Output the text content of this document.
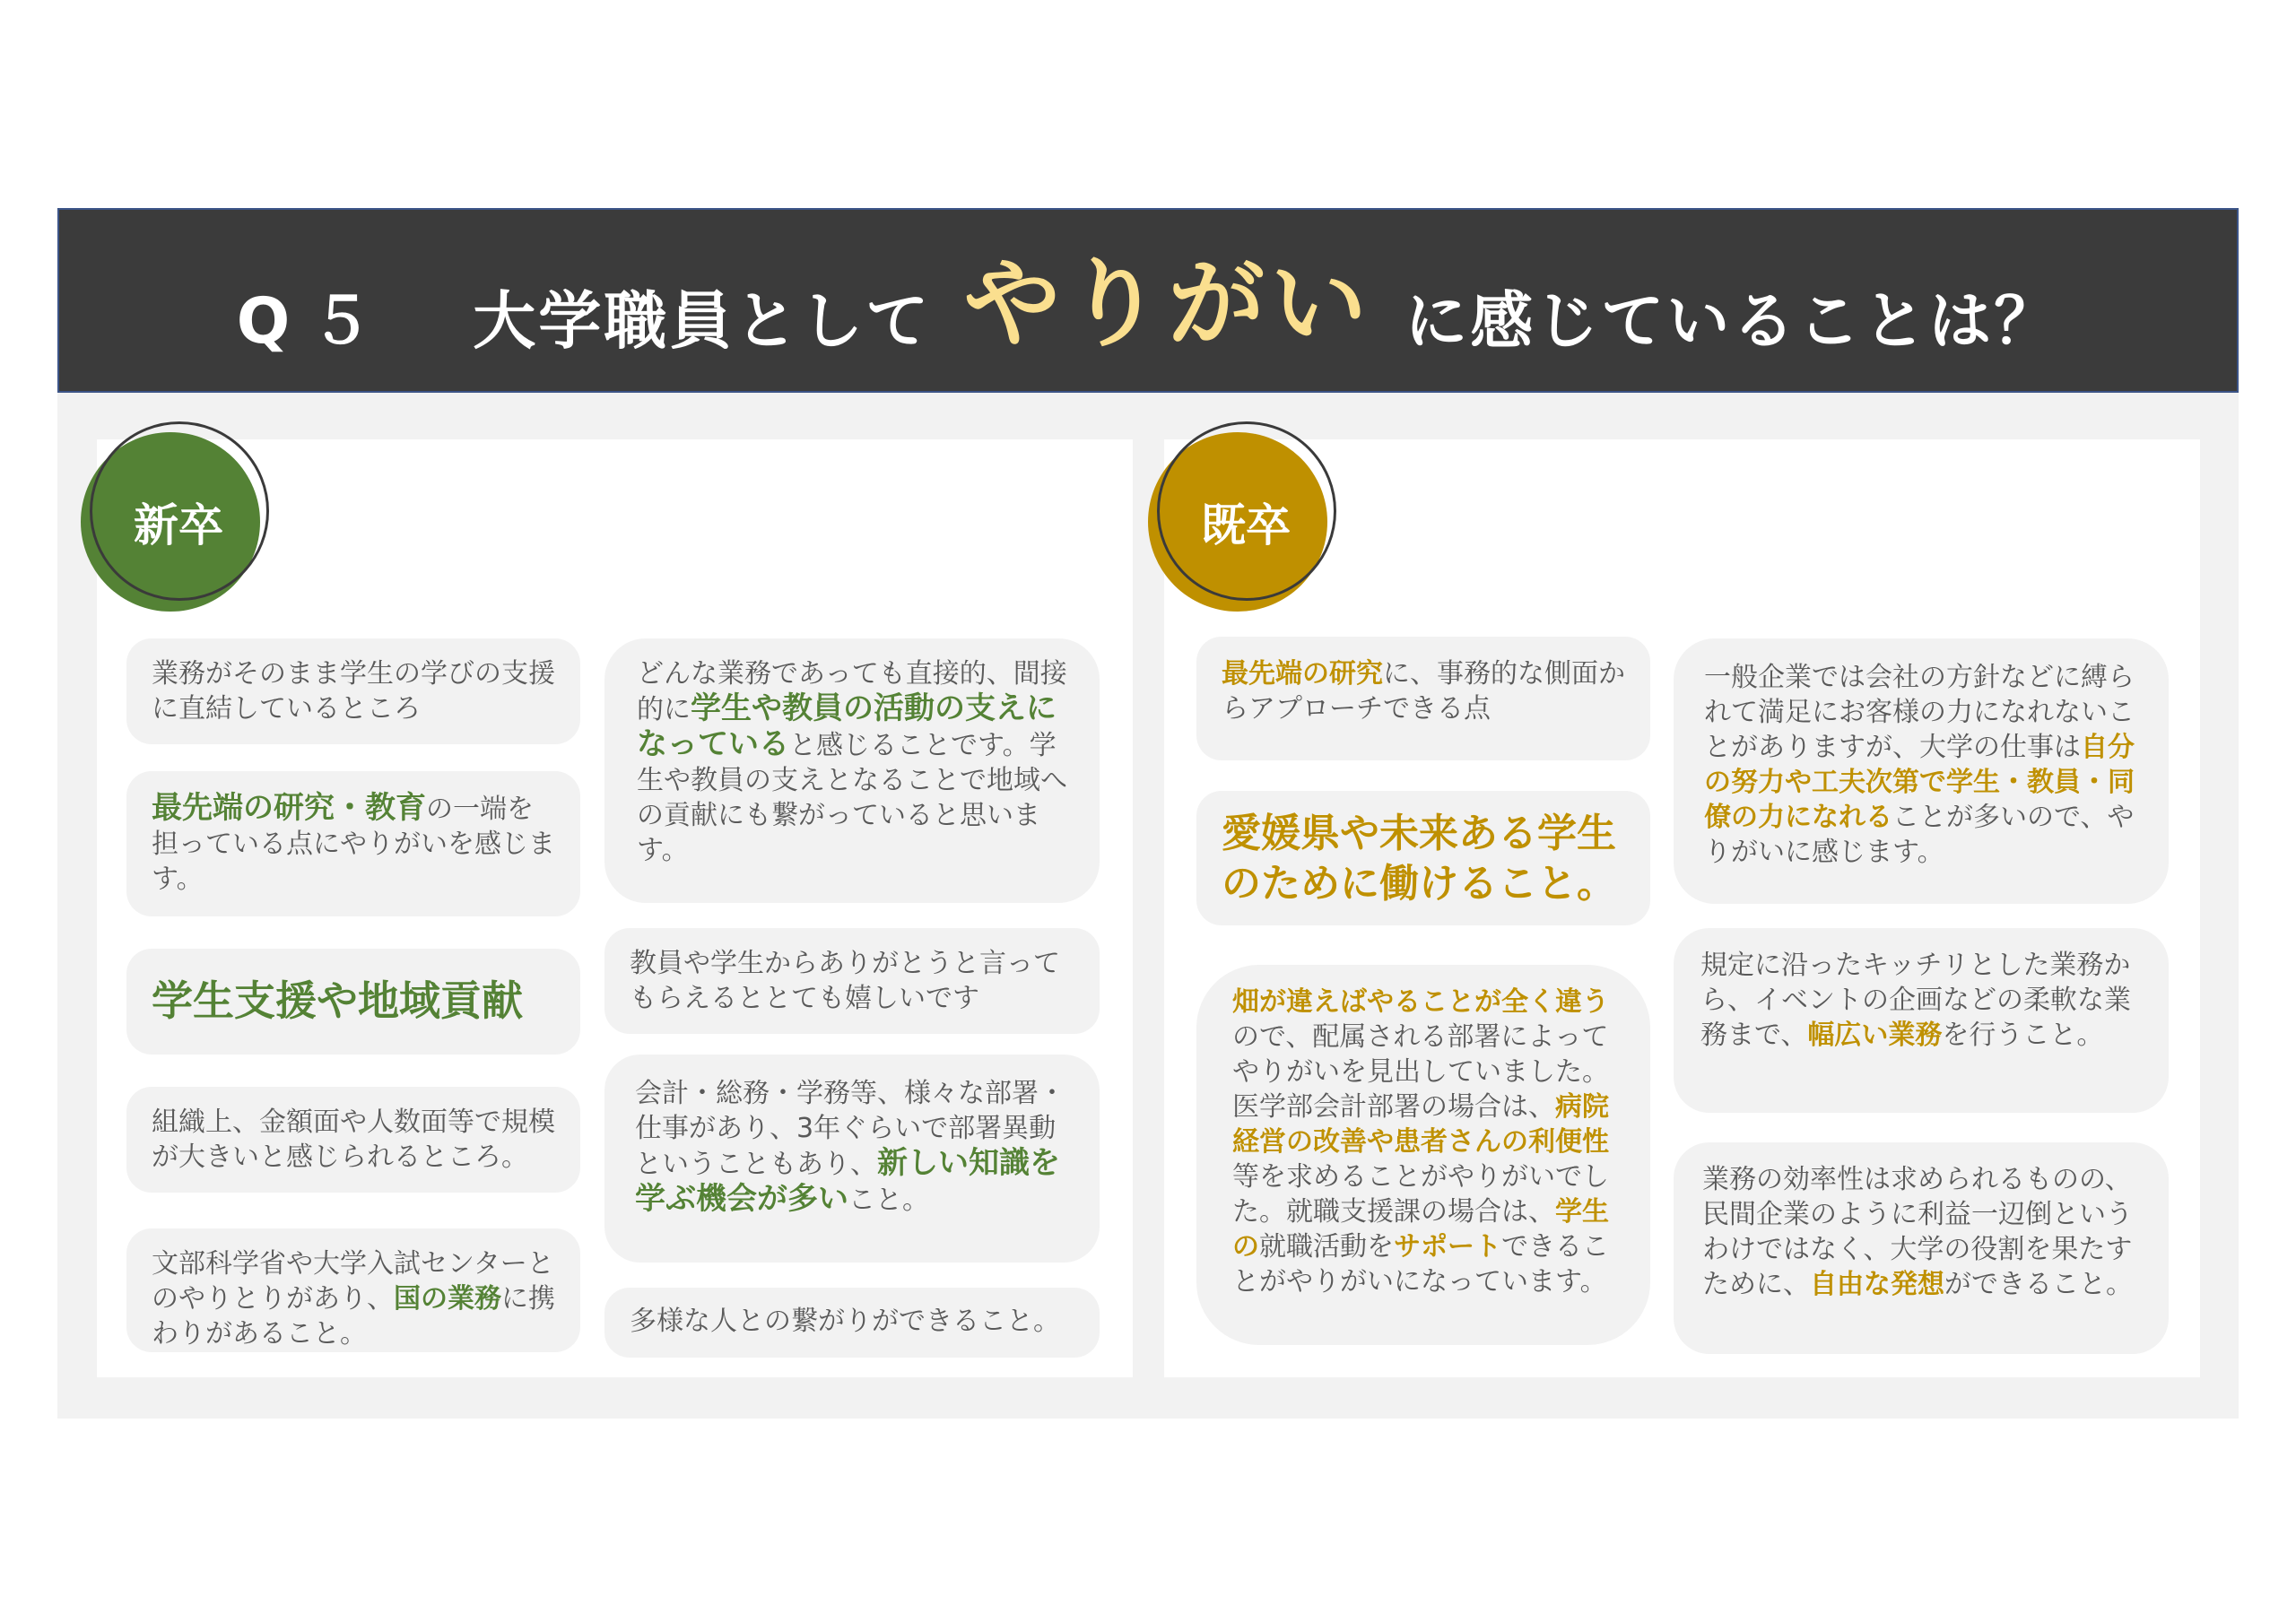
Q５ 大学職員として やりがい に感じていることは？
新卒
業務がそのまま学生の学びの支援に直結しているところ
最先端の研究・教育の一端を担っている点にやりがいを感じます。
学生支援や地域貢献
組織上、金額面や人数面等で規模が大きいと感じられるところ。
文部科学省や大学入試センターとのやりとりがあり、国の業務に携わりがあること。
どんな業務であっても直接的、間接的に学生や教員の活動の支えになっていると感じることです。学生や教員の支えとなることで地域への貢献にも繋がっていると思います。
教員や学生からありがとうと言ってもらえるととても嬉しいです
会計・総務・学務等、様々な部署・仕事があり、3年ぐらいで部署異動ということもあり、新しい知識を学ぶ機会が多いこと。
多様な人との繋がりができること。
既卒
最先端の研究に、事務的な側面からアプローチできる点
愛媛県や未来ある学生のために働けること。
畑が違えばやることが全く違うので、配属される部署によってやりがいを見出していました。医学部会計部署の場合は、病院経営の改善や患者さんの利便性等を求めることがやりがいでした。就職支援課の場合は、学生の就職活動をサポートできることがやりがいになっています。
一般企業では会社の方針などに縛られて満足にお客様の力になれないことがありますが、大学の仕事は自分の努力や工夫次第で学生・教員・同僚の力になれることが多いので、やりがいに感じます。
規定に沿ったキッチリとした業務から、イベントの企画などの柔軟な業務まで、幅広い業務を行うこと。
業務の効率性は求められるものの、民間企業のように利益一辺倒というわけではなく、大学の役割を果たすために、自由な発想ができること。
